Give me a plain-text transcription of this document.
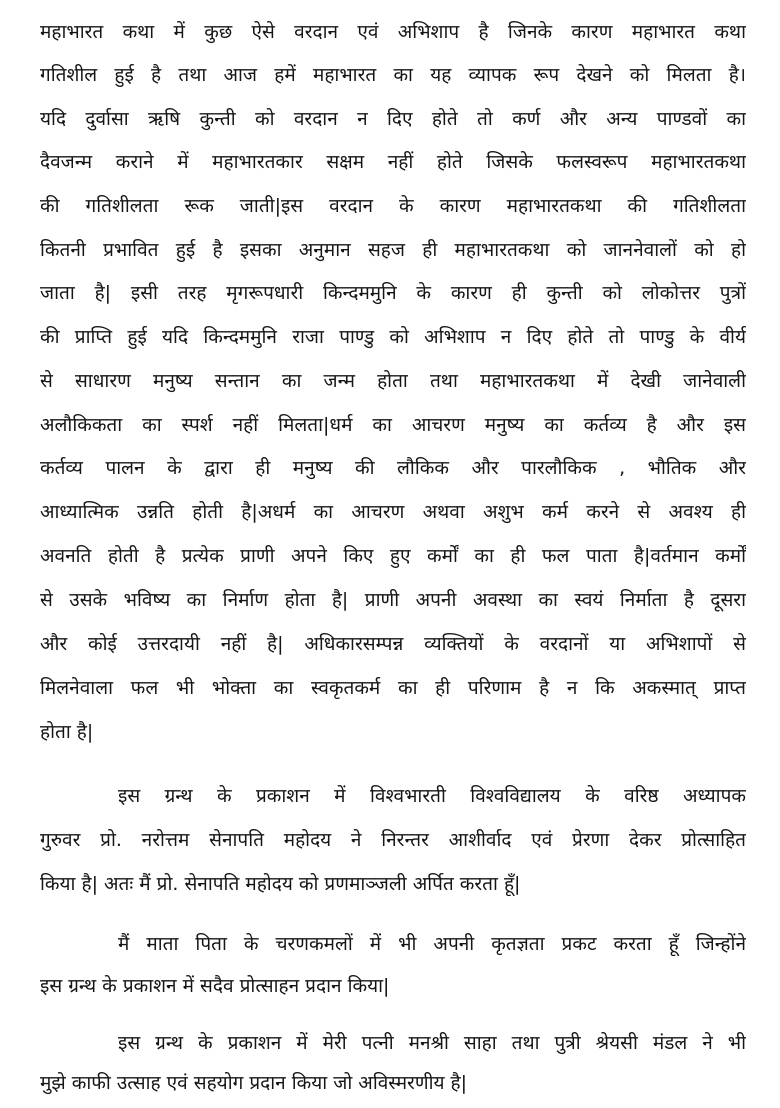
महाभारत कथा में कुछ ऐसे वरदान एवं अभिशाप है जिनके कारण महाभारत कथा
गतिशील हुई है तथा आज हमें महाभारत का यह व्यापक रूप देखने को मिलता है।
यदि दुर्वासा ऋषि कुन्ती को वरदान न दिए होते तो कर्ण और अन्य पाण्डवों का
दैवजन्म कराने में महाभारतकार सक्षम नहीं होते जिसके फलस्वरूप महाभारतकथा
की गतिशीलता रूक जाती|इस वरदान के कारण महाभारतकथा की गतिशीलता
कितनी प्रभावित हुई है इसका अनुमान सहज ही महाभारतकथा को जाननेवालों को हो
जाता है| इसी तरह मृगरूपधारी किन्दममुनि के कारण ही कुन्ती को लोकोत्तर पुत्रों
की प्राप्ति हुई यदि किन्दममुनि राजा पाण्डु को अभिशाप न दिए होते तो पाण्डु के वीर्य
से साधारण मनुष्य सन्तान का जन्म होता तथा महाभारतकथा में देखी जानेवाली
अलौकिकता का स्पर्श नहीं मिलता|धर्म का आचरण मनुष्य का कर्तव्य है और इस
कर्तव्य पालन के द्वारा ही मनुष्य की लौकिक और पारलौकिक , भौतिक और
आध्यात्मिक उन्नति होती है|अधर्म का आचरण अथवा अशुभ कर्म करने से अवश्य ही
अवनति होती है प्रत्येक प्राणी अपने किए हुए कर्मों का ही फल पाता है|वर्तमान कर्मों
से उसके भविष्य का निर्माण होता है| प्राणी अपनी अवस्था का स्वयं निर्माता है दूसरा
और कोई उत्तरदायी नहीं है| अधिकारसम्पन्न व्यक्तियों के वरदानों या अभिशापों से
मिलनेवाला फल भी भोक्ता का स्वकृतकर्म का ही परिणाम है न कि अकस्मात् प्राप्त
होता है|
इस ग्रन्थ के प्रकाशन में विश्वभारती विश्वविद्यालय के वरिष्ठ अध्यापक
गुरुवर प्रो. नरोत्तम सेनापति महोदय ने निरन्तर आशीर्वाद एवं प्रेरणा देकर प्रोत्साहित
किया है| अतः मैं प्रो. सेनापति महोदय को प्रणमाञ्जली अर्पित करता हूँ|
मैं माता पिता के चरणकमलों में भी अपनी कृतज्ञता प्रकट करता हूँ जिन्होंने
इस ग्रन्थ के प्रकाशन में सदैव प्रोत्साहन प्रदान किया|
इस ग्रन्थ के प्रकाशन में मेरी पत्नी मनश्री साहा तथा पुत्री श्रेयसी मंडल ने भी
मुझे काफी उत्साह एवं सहयोग प्रदान किया जो अविस्मरणीय है|
